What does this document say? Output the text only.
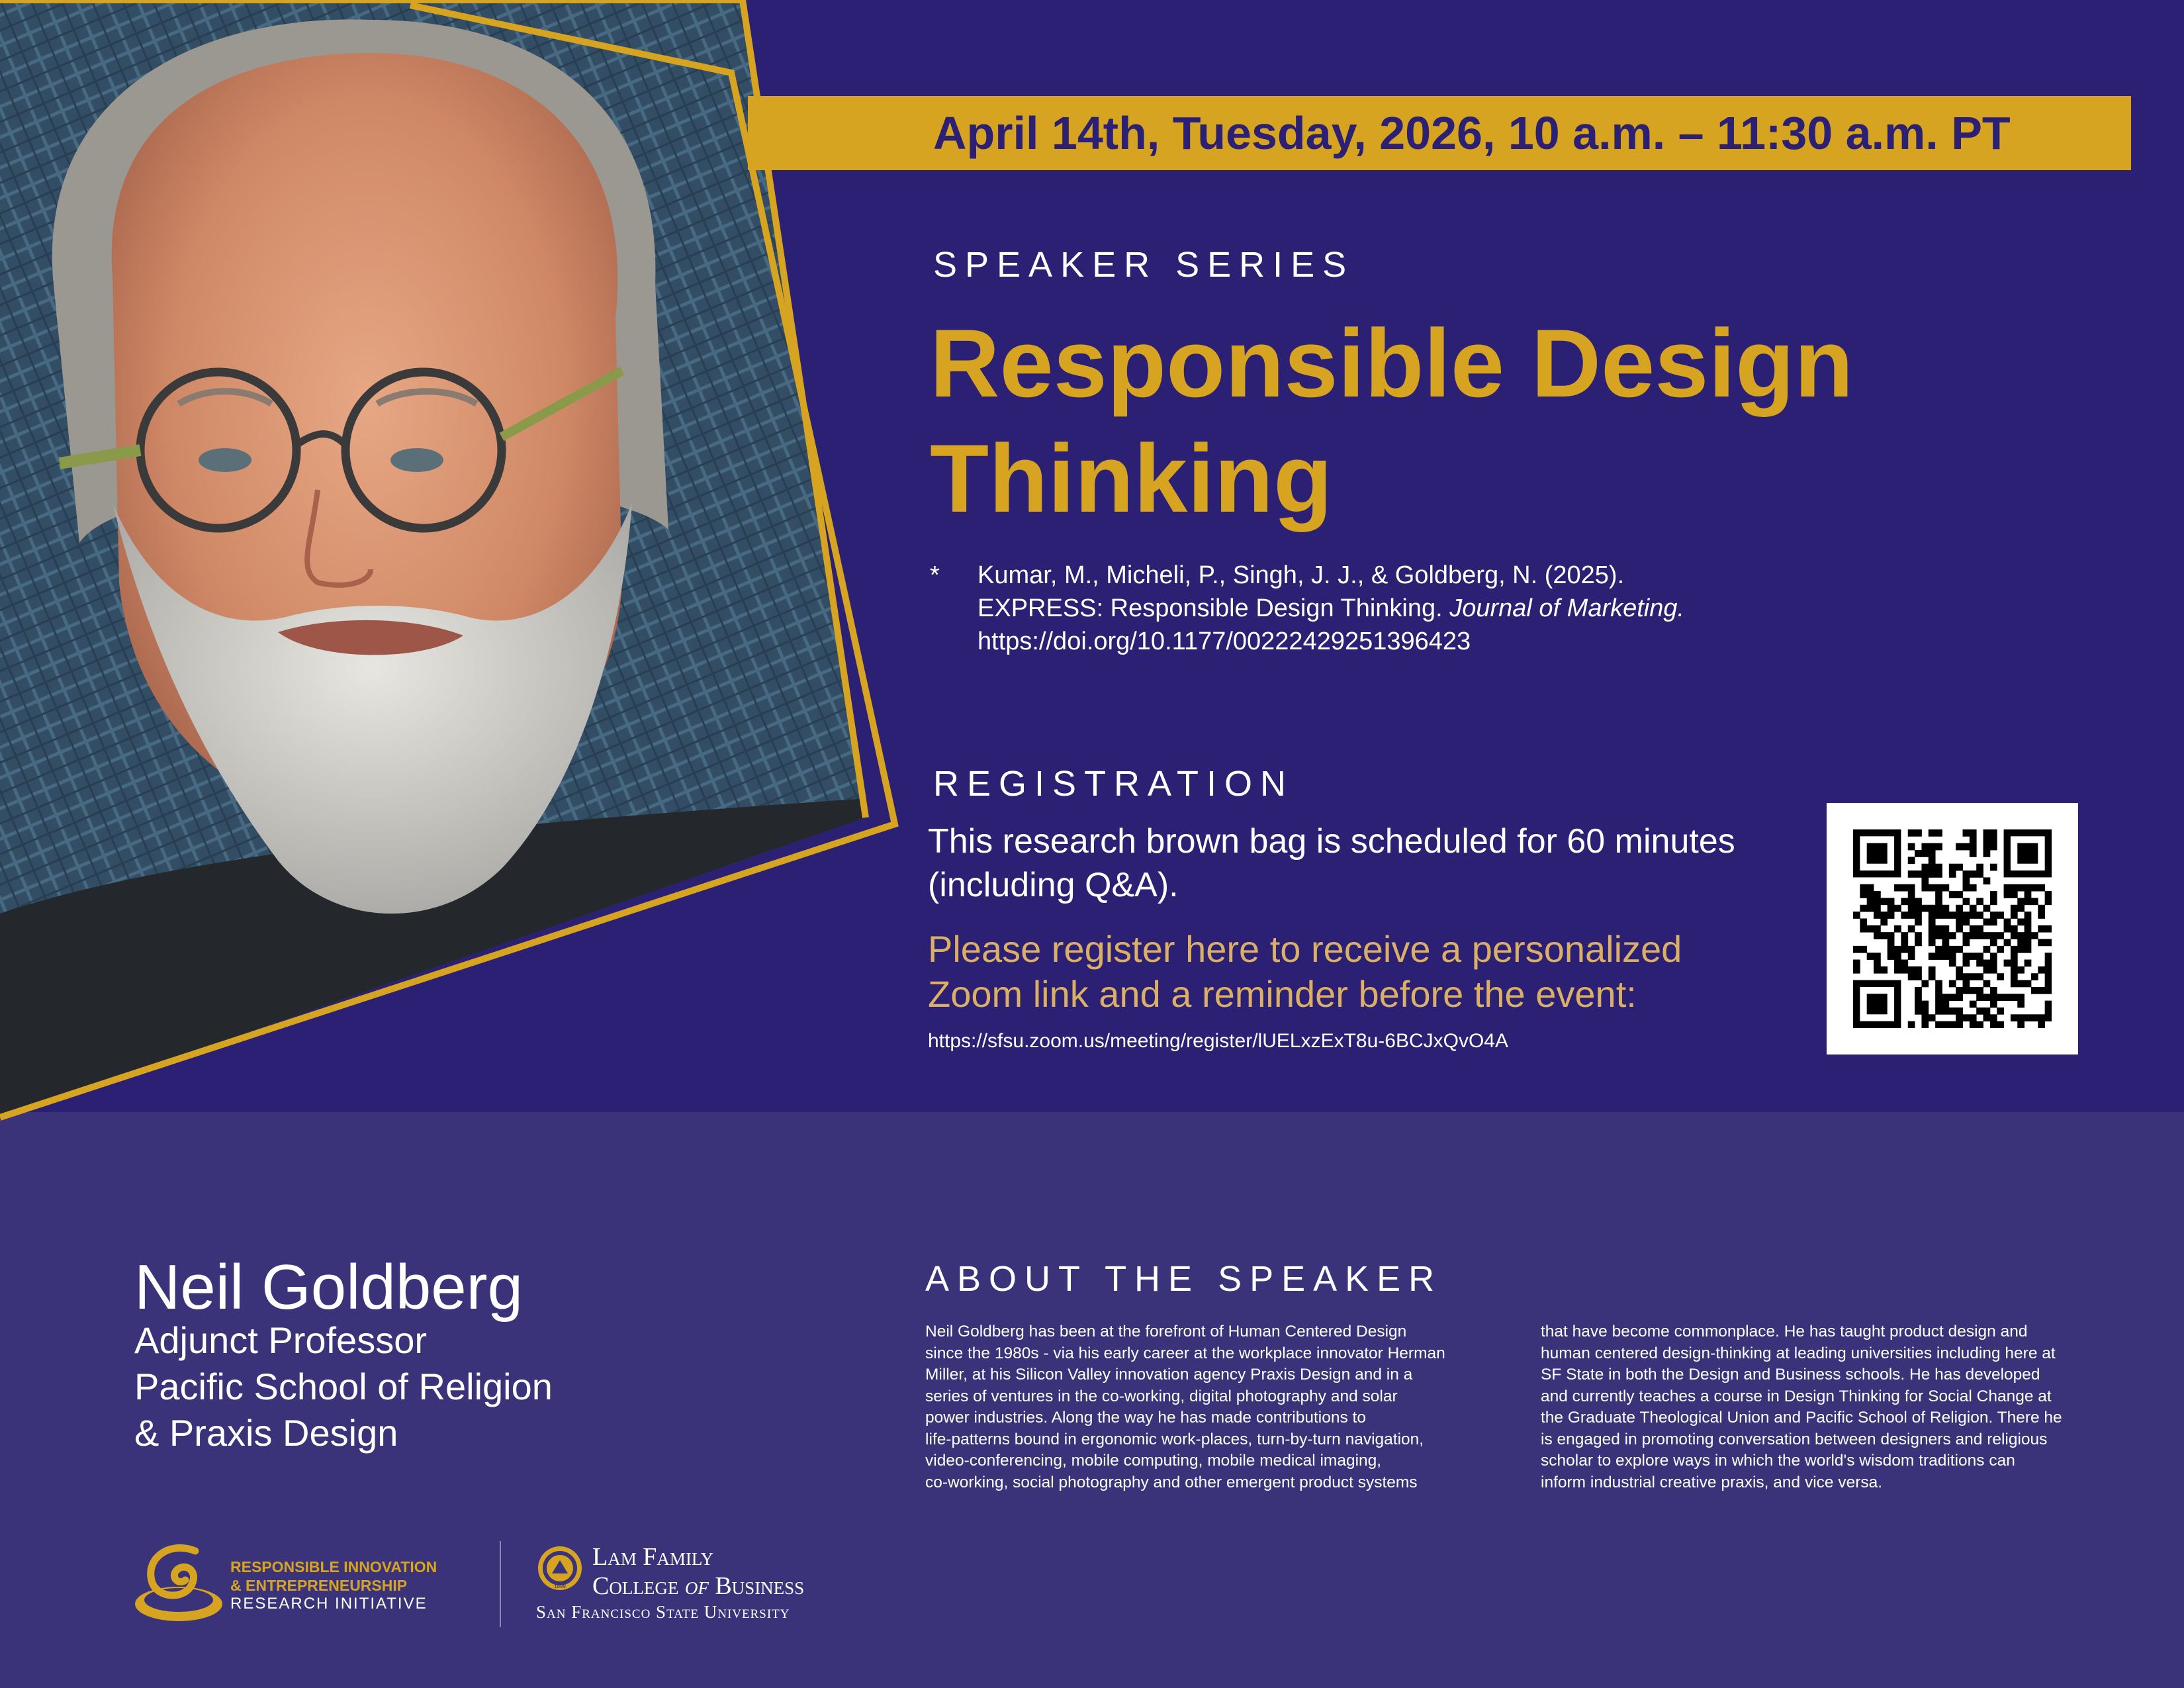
April 14th, Tuesday, 2026, 10 a.m. – 11:30 a.m. PT
SPEAKER SERIES
Responsible Design Thinking
* Kumar, M., Micheli, P., Singh, J. J., & Goldberg, N. (2025).
EXPRESS: Responsible Design Thinking. Journal of Marketing.
https://doi.org/10.1177/00222429251396423
REGISTRATION
This research brown bag is scheduled for 60 minutes (including Q&A).
Please register here to receive a personalized Zoom link and a reminder before the event:
https://sfsu.zoom.us/meeting/register/lUELxzExT8u-6BCJxQvO4A
Neil Goldberg
Adjunct Professor
Pacific School of Religion
& Praxis Design
ABOUT THE SPEAKER
Neil Goldberg has been at the forefront of Human Centered Design
since the 1980s - via his early career at the workplace innovator Herman
Miller, at his Silicon Valley innovation agency Praxis Design and in a
series of ventures in the co-working, digital photography and solar
power industries. Along the way he has made contributions to
life-patterns bound in ergonomic work-places, turn-by-turn navigation,
video-conferencing, mobile computing, mobile medical imaging,
co-working, social photography and other emergent product systems
that have become commonplace. He has taught product design and
human centered design-thinking at leading universities including here at
SF State in both the Design and Business schools. He has developed
and currently teaches a course in Design Thinking for Social Change at
the Graduate Theological Union and Pacific School of Religion. There he
is engaged in promoting conversation between designers and religious
scholar to explore ways in which the world's wisdom traditions can
inform industrial creative praxis, and vice versa.
RESPONSIBLE INNOVATION
& ENTREPRENEURSHIP
RESEARCH INITIATIVE
1899
Lam Family
College of Business
San Francisco State University
